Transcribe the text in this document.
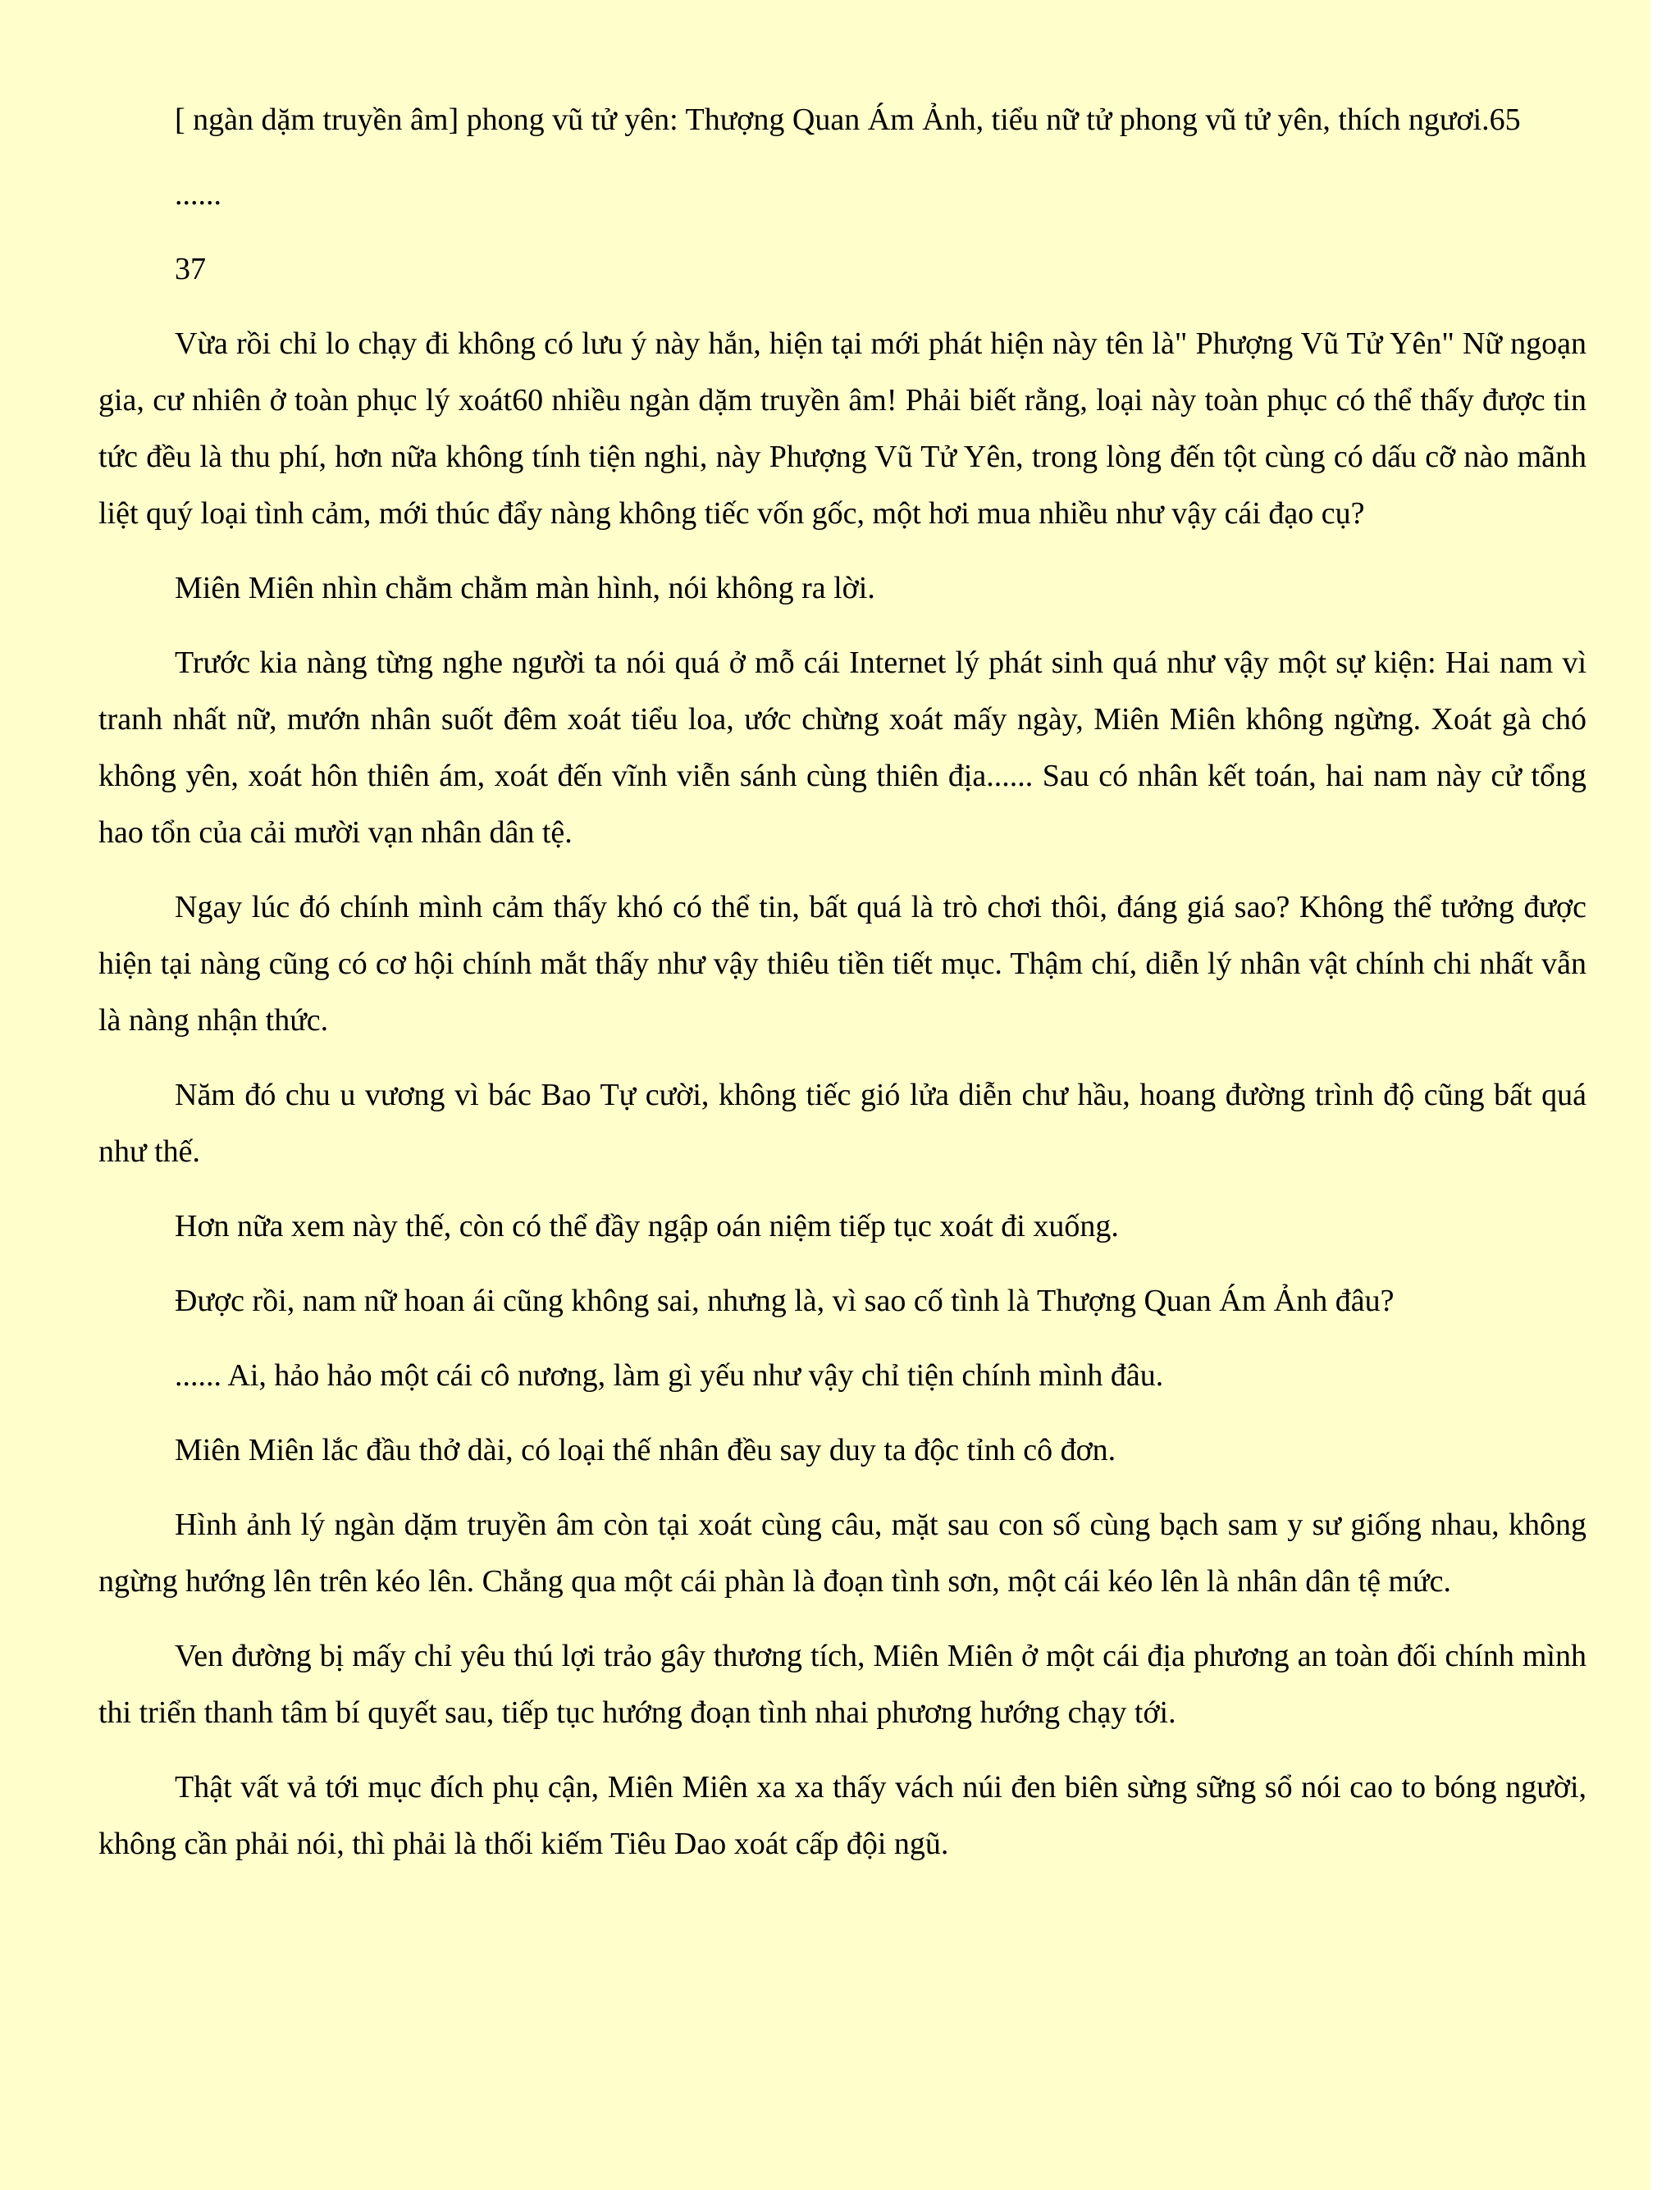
[ ngàn dặm truyền âm] phong vũ tử yên: Thượng Quan Ám Ảnh, tiểu nữ tử phong vũ tử yên, thích ngươi.65

......

37

Vừa rồi chỉ lo chạy đi không có lưu ý này hắn, hiện tại mới phát hiện này tên là" Phượng Vũ Tử Yên" Nữ ngoạn gia, cư nhiên ở toàn phục lý xoát60 nhiều ngàn dặm truyền âm! Phải biết rằng, loại này toàn phục có thể thấy được tin tức đều là thu phí, hơn nữa không tính tiện nghi, này Phượng Vũ Tử Yên, trong lòng đến tột cùng có dấu cỡ nào mãnh liệt quý loại tình cảm, mới thúc đẩy nàng không tiếc vốn gốc, một hơi mua nhiều như vậy cái đạo cụ?

Miên Miên nhìn chằm chằm màn hình, nói không ra lời.

Trước kia nàng từng nghe người ta nói quá ở mỗ cái Internet lý phát sinh quá như vậy một sự kiện: Hai nam vì tranh nhất nữ, mướn nhân suốt đêm xoát tiểu loa, ước chừng xoát mấy ngày, Miên Miên không ngừng. Xoát gà chó không yên, xoát hôn thiên ám, xoát đến vĩnh viễn sánh cùng thiên địa...... Sau có nhân kết toán, hai nam này cử tổng hao tổn của cải mười vạn nhân dân tệ.

Ngay lúc đó chính mình cảm thấy khó có thể tin, bất quá là trò chơi thôi, đáng giá sao? Không thể tưởng được hiện tại nàng cũng có cơ hội chính mắt thấy như vậy thiêu tiền tiết mục. Thậm chí, diễn lý nhân vật chính chi nhất vẫn là nàng nhận thức.

Năm đó chu u vương vì bác Bao Tự cười, không tiếc gió lửa diễn chư hầu, hoang đường trình độ cũng bất quá như thế.

Hơn nữa xem này thế, còn có thể đầy ngập oán niệm tiếp tục xoát đi xuống.

Được rồi, nam nữ hoan ái cũng không sai, nhưng là, vì sao cố tình là Thượng Quan Ám Ảnh đâu?

...... Ai, hảo hảo một cái cô nương, làm gì yếu như vậy chỉ tiện chính mình đâu.

Miên Miên lắc đầu thở dài, có loại thế nhân đều say duy ta độc tỉnh cô đơn.

Hình ảnh lý ngàn dặm truyền âm còn tại xoát cùng câu, mặt sau con số cùng bạch sam y sư giống nhau, không ngừng hướng lên trên kéo lên. Chẳng qua một cái phàn là đoạn tình sơn, một cái kéo lên là nhân dân tệ mức.

Ven đường bị mấy chỉ yêu thú lợi trảo gây thương tích, Miên Miên ở một cái địa phương an toàn đối chính mình thi triển thanh tâm bí quyết sau, tiếp tục hướng đoạn tình nhai phương hướng chạy tới.

Thật vất vả tới mục đích phụ cận, Miên Miên xa xa thấy vách núi đen biên sừng sững sổ nói cao to bóng người, không cần phải nói, thì phải là thối kiếm Tiêu Dao xoát cấp đội ngũ.
